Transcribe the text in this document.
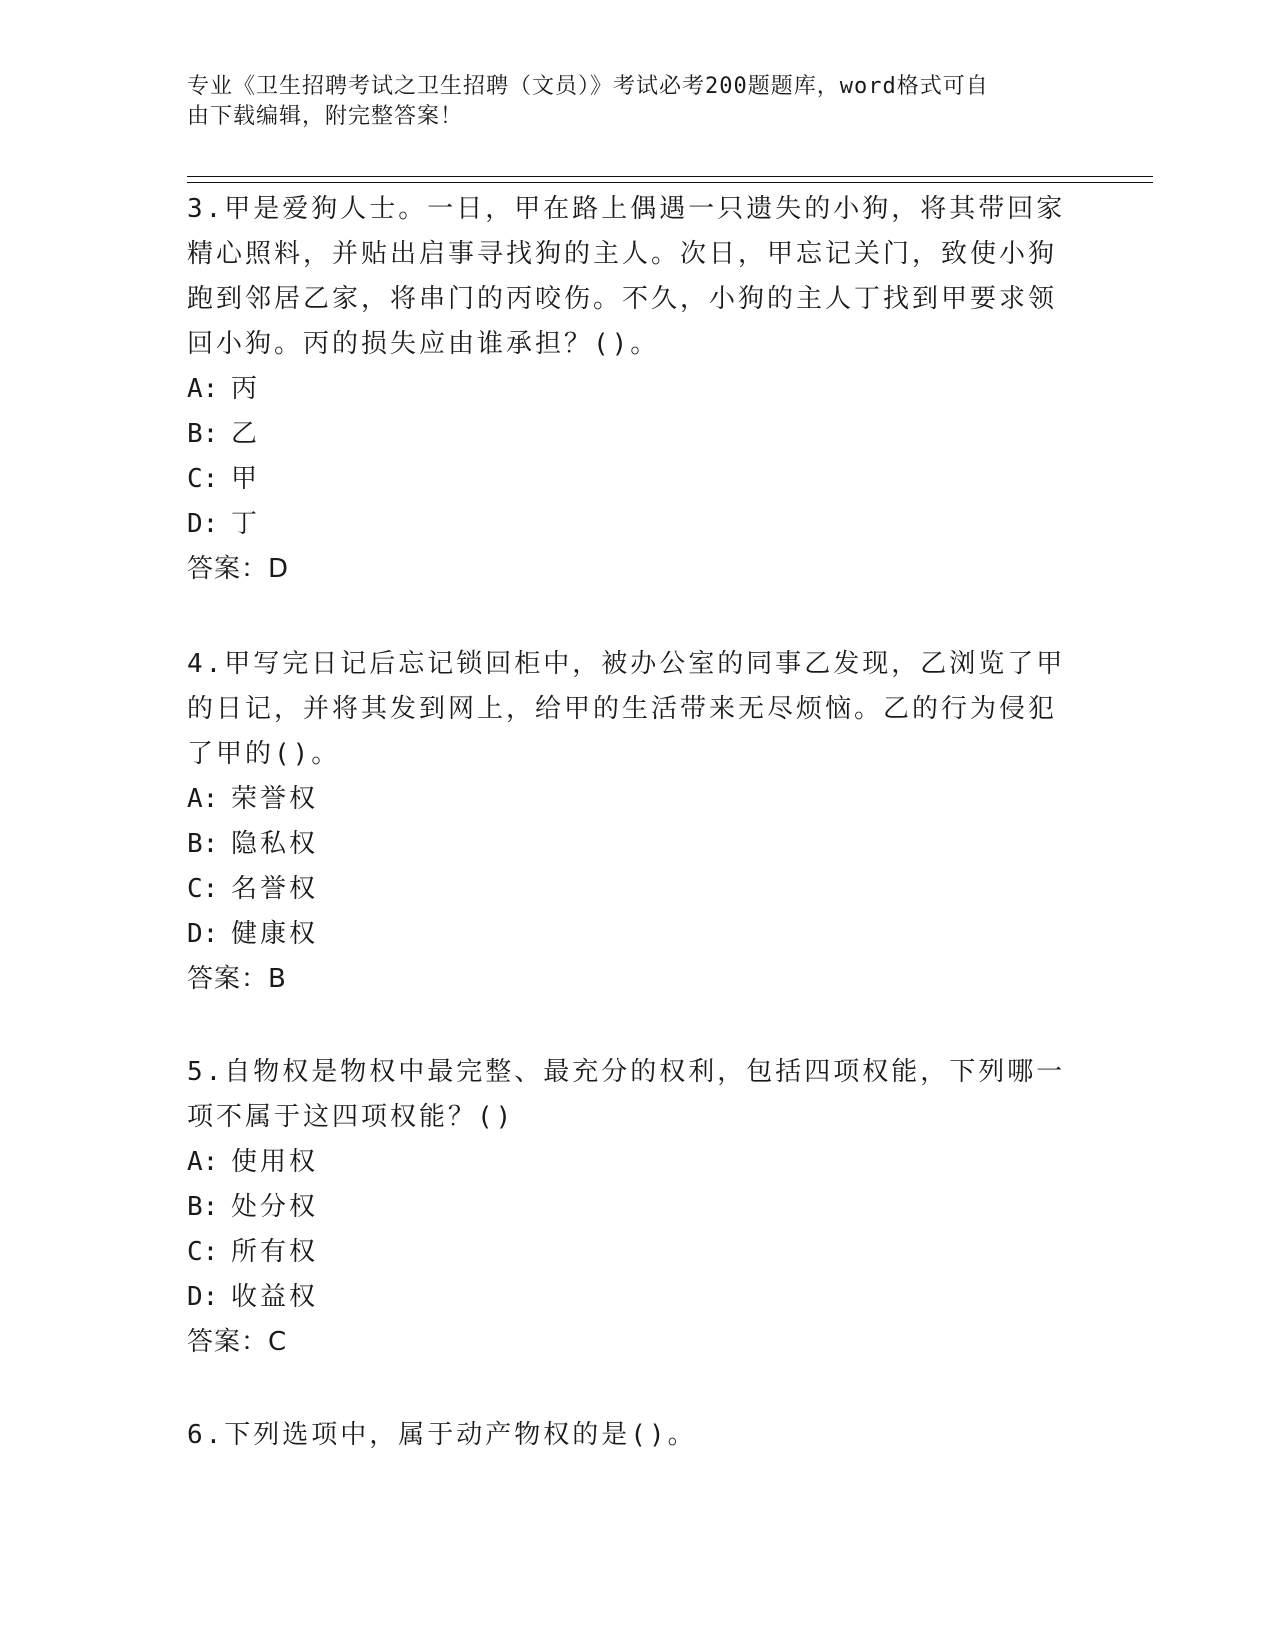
专业《卫生招聘考试之卫生招聘（文员）》考试必考200题题库，word格式可自
由下载编辑，附完整答案！

3.甲是爱狗人士。一日，甲在路上偶遇一只遗失的小狗，将其带回家

精心照料，并贴出启事寻找狗的主人。次日，甲忘记关门，致使小狗

跑到邻居乙家，将串门的丙咬伤。不久，小狗的主人丁找到甲要求领

回小狗。丙的损失应由谁承担？()。

A: 丙

B: 乙

C: 甲

D: 丁

答案：D

4.甲写完日记后忘记锁回柜中，被办公室的同事乙发现，乙浏览了甲

的日记，并将其发到网上，给甲的生活带来无尽烦恼。乙的行为侵犯

了甲的()。

A: 荣誉权

B: 隐私权

C: 名誉权

D: 健康权

答案：B

5.自物权是物权中最完整、最充分的权利，包括四项权能，下列哪一

项不属于这四项权能？()

A: 使用权

B: 处分权

C: 所有权

D: 收益权

答案：C

6.下列选项中，属于动产物权的是()。
